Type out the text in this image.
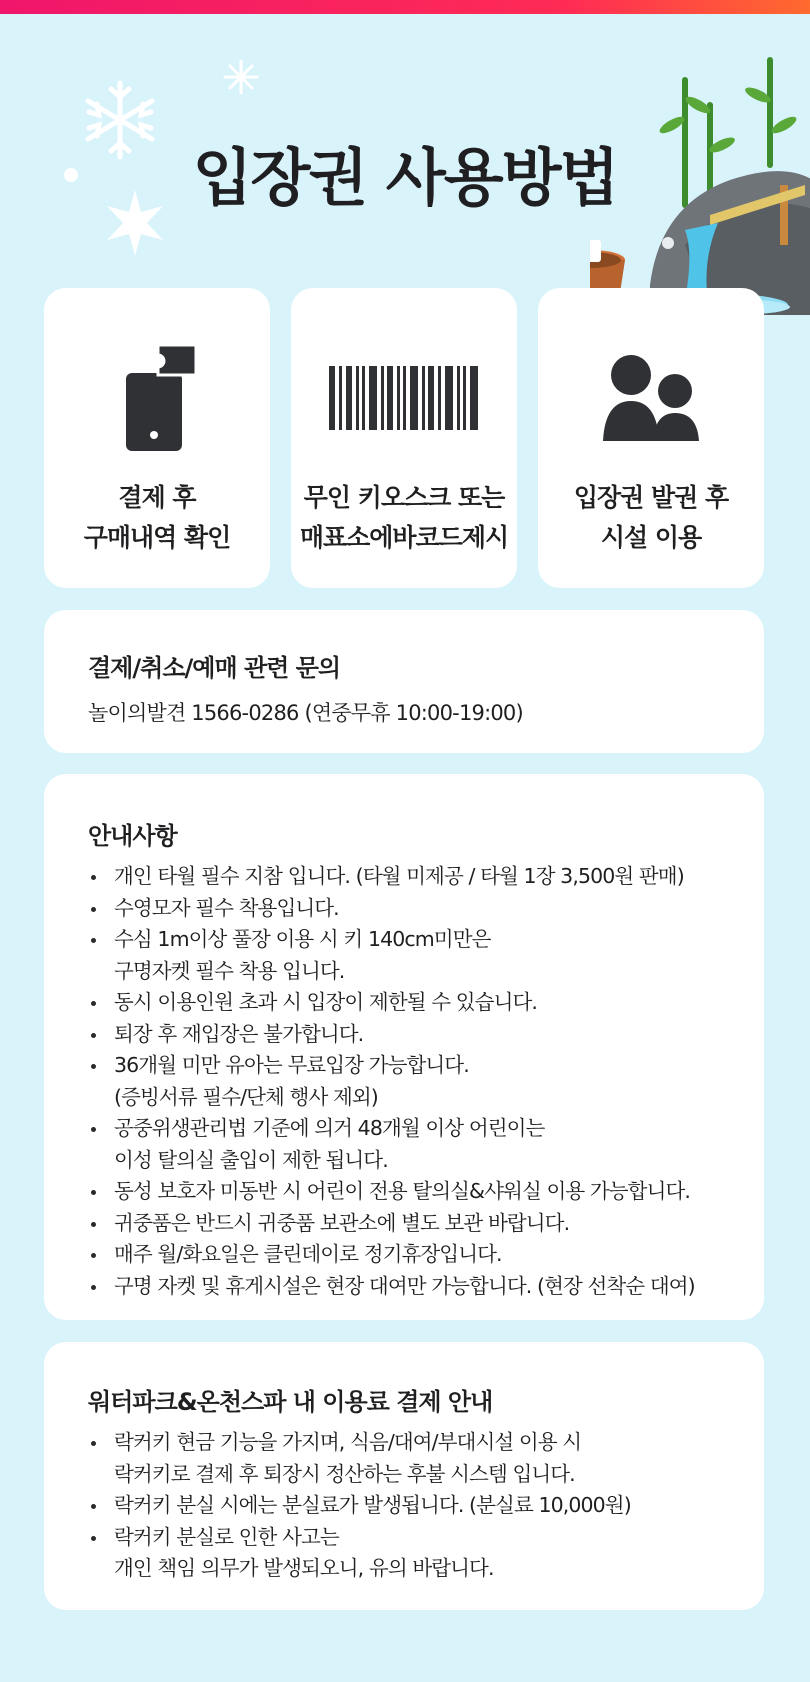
입장권 사용방법
결제 후
구매내역 확인
무인 키오스크 또는
매표소에바코드제시
입장권 발권 후
시설 이용
결제/취소/예매 관련 문의
놀이의발견 1566-0286 (연중무휴 10:00-19:00)
안내사항
개인 타월 필수 지참 입니다. (타월 미제공 / 타월 1장 3,500원 판매)
수영모자 필수 착용입니다.
수심 1m이상 풀장 이용 시 키 140cm미만은
구명자켓 필수 착용 입니다.
동시 이용인원 초과 시 입장이 제한될 수 있습니다.
퇴장 후 재입장은 불가합니다.
36개월 미만 유아는 무료입장 가능합니다.
(증빙서류 필수/단체 행사 제외)
공중위생관리법 기준에 의거 48개월 이상 어린이는
이성 탈의실 출입이 제한 됩니다.
동성 보호자 미동반 시 어린이 전용 탈의실&샤워실 이용 가능합니다.
귀중품은 반드시 귀중품 보관소에 별도 보관 바랍니다.
매주 월/화요일은 클린데이로 정기휴장입니다.
구명 자켓 및 휴게시설은 현장 대여만 가능합니다. (현장 선착순 대여)
워터파크&온천스파 내 이용료 결제 안내
락커키 현금 기능을 가지며, 식음/대여/부대시설 이용 시
락커키로 결제 후 퇴장시 정산하는 후불 시스템 입니다.
락커키 분실 시에는 분실료가 발생됩니다. (분실료 10,000원)
락커키 분실로 인한 사고는
개인 책임 의무가 발생되오니, 유의 바랍니다.
